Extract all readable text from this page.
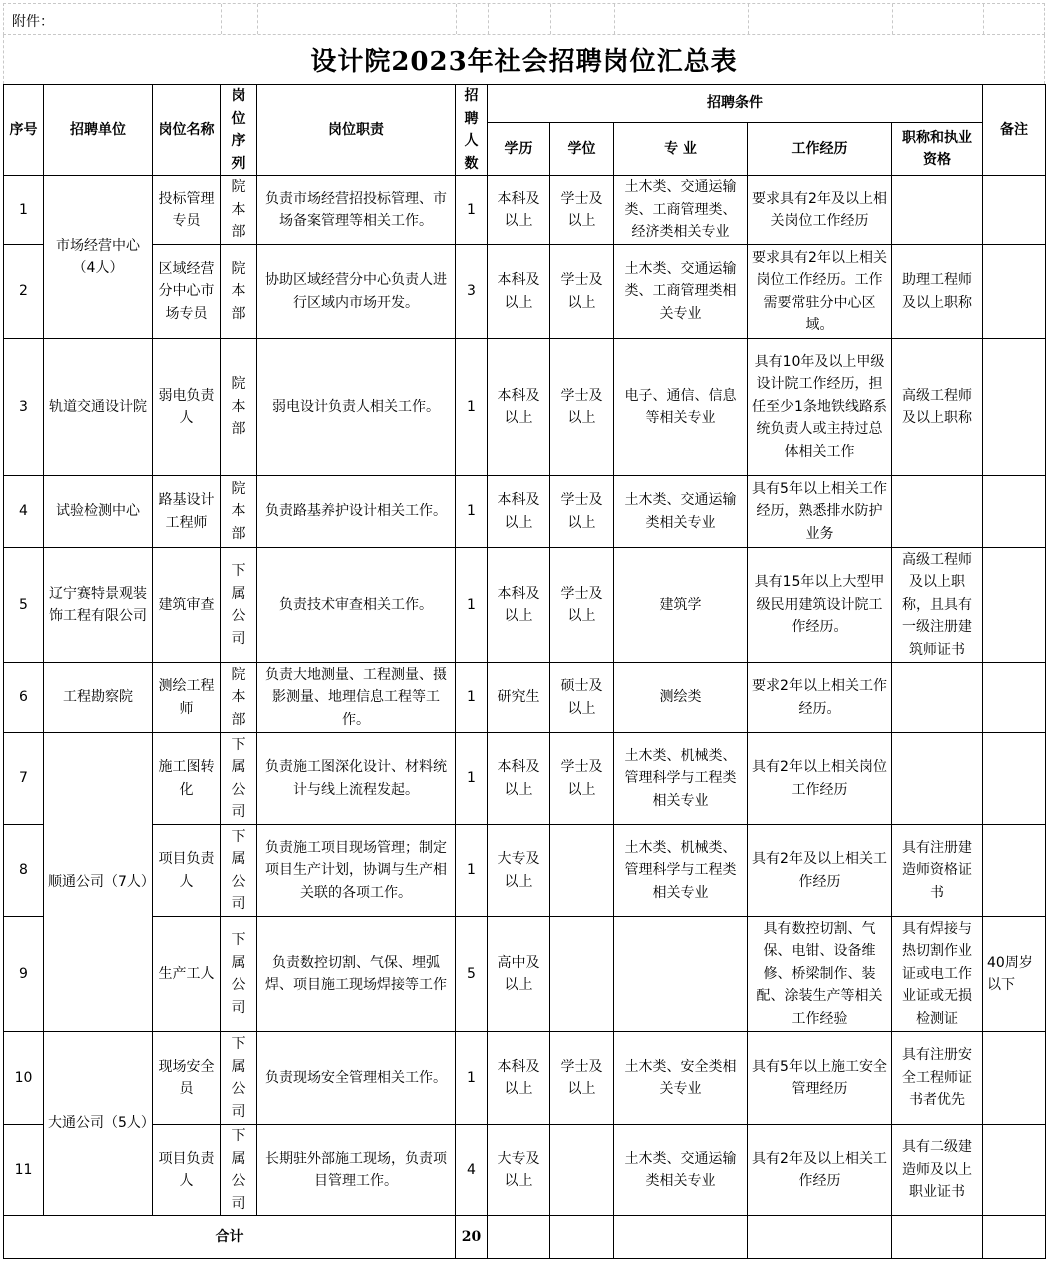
附件：
设计院2023年社会招聘岗位汇总表
序号	招聘单位	岗位名称	岗位序列	岗位职责	招聘人数	招聘条件					备注
						学历	学位	专 业	工作经历	职称和执业资格	
1	市场经营中心（4人）	投标管理专员	院本部	负责市场经营招投标管理、市场备案管理等相关工作。	1	本科及以上	学士及以上	土木类、交通运输类、工商管理类、经济类相关专业	要求具有2年及以上相关岗位工作经历		
2		区域经营分中心市场专员	院本部	协助区域经营分中心负责人进行区域内市场开发。	3	本科及以上	学士及以上	土木类、交通运输类、工商管理类相关专业	要求具有2年以上相关岗位工作经历。工作需要常驻分中心区域。	助理工程师及以上职称	
3	轨道交通设计院	弱电负责人	院本部	弱电设计负责人相关工作。	1	本科及以上	学士及以上	电子、通信、信息等相关专业	具有10年及以上甲级设计院工作经历，担任至少1条地铁线路系统负责人或主持过总体相关工作	高级工程师及以上职称	
4	试验检测中心	路基设计工程师	院本部	负责路基养护设计相关工作。	1	本科及以上	学士及以上	土木类、交通运输类相关专业	具有5年以上相关工作经历，熟悉排水防护业务		
5	辽宁赛特景观装饰工程有限公司	建筑审查	下属公司	负责技术审查相关工作。	1	本科及以上	学士及以上	建筑学	具有15年以上大型甲级民用建筑设计院工作经历。	高级工程师及以上职称，且具有一级注册建筑师证书	
6	工程勘察院	测绘工程师	院本部	负责大地测量、工程测量、摄影测量、地理信息工程等工作。	1	研究生	硕士及以上	测绘类	要求2年以上相关工作经历。		
7	顺通公司（7人）	施工图转化	下属公司	负责施工图深化设计、材料统计与线上流程发起。	1	本科及以上	学士及以上	土木类、机械类、管理科学与工程类相关专业	具有2年以上相关岗位工作经历		
8		项目负责人	下属公司	负责施工项目现场管理；制定项目生产计划，协调与生产相关联的各项工作。	1	大专及以上		土木类、机械类、管理科学与工程类相关专业	具有2年及以上相关工作经历	具有注册建造师资格证书	
9		生产工人	下属公司	负责数控切割、气保、埋弧焊、项目施工现场焊接等工作	5	高中及以上			具有数控切割、气保、电钳、设备维修、桥梁制作、装配、涂装生产等相关工作经验	具有焊接与热切割作业证或电工作业证或无损检测证	40周岁以下
10	大通公司（5人）	现场安全员	下属公司	负责现场安全管理相关工作。	1	本科及以上	学士及以上	土木类、安全类相关专业	具有5年以上施工安全管理经历	具有注册安全工程师证书者优先	
11		项目负责人	下属公司	长期驻外部施工现场，负责项目管理工作。	4	大专及以上		土木类、交通运输类相关专业	具有2年及以上相关工作经历	具有二级建造师及以上职业证书	
合计					20						
